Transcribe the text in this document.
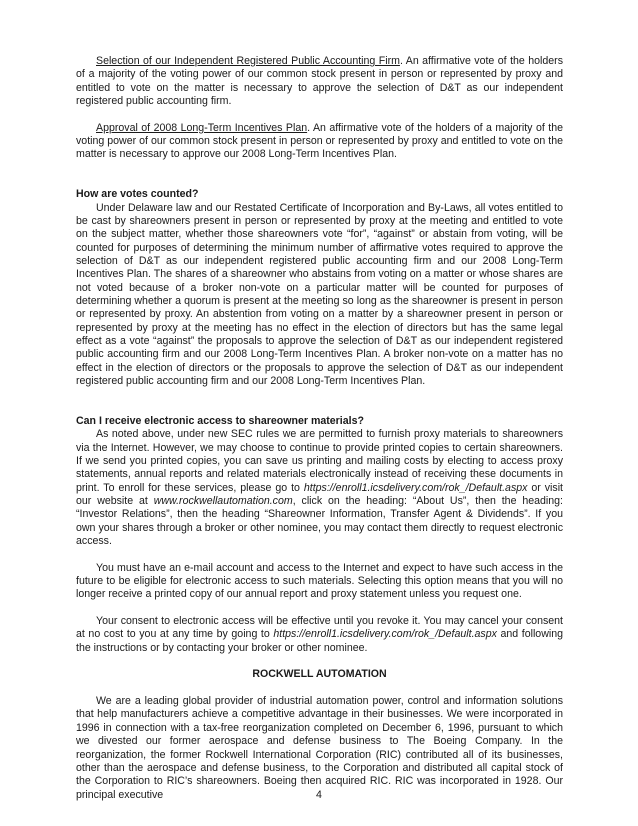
Selection of our Independent Registered Public Accounting Firm. An affirmative vote of the holders of a majority of the voting power of our common stock present in person or represented by proxy and entitled to vote on the matter is necessary to approve the selection of D&T as our independent registered public accounting firm.

Approval of 2008 Long-Term Incentives Plan. An affirmative vote of the holders of a majority of the voting power of our common stock present in person or represented by proxy and entitled to vote on the matter is necessary to approve our 2008 Long-Term Incentives Plan.

How are votes counted?

Under Delaware law and our Restated Certificate of Incorporation and By-Laws, all votes entitled to be cast by shareowners present in person or represented by proxy at the meeting and entitled to vote on the subject matter, whether those shareowners vote “for”, “against” or abstain from voting, will be counted for purposes of determining the minimum number of affirmative votes required to approve the selection of D&T as our independent registered public accounting firm and our 2008 Long-Term Incentives Plan. The shares of a shareowner who abstains from voting on a matter or whose shares are not voted because of a broker non-vote on a particular matter will be counted for purposes of determining whether a quorum is present at the meeting so long as the shareowner is present in person or represented by proxy. An abstention from voting on a matter by a shareowner present in person or represented by proxy at the meeting has no effect in the election of directors but has the same legal effect as a vote “against” the proposals to approve the selection of D&T as our independent registered public accounting firm and our 2008 Long-Term Incentives Plan. A broker non-vote on a matter has no effect in the election of directors or the proposals to approve the selection of D&T as our independent registered public accounting firm and our 2008 Long-Term Incentives Plan.

Can I receive electronic access to shareowner materials?

As noted above, under new SEC rules we are permitted to furnish proxy materials to shareowners via the Internet. However, we may choose to continue to provide printed copies to certain shareowners. If we send you printed copies, you can save us printing and mailing costs by electing to access proxy statements, annual reports and related materials electronically instead of receiving these documents in print. To enroll for these services, please go to https://enroll1.icsdelivery.com/rok_/Default.aspx or visit our website at www.rockwellautomation.com, click on the heading: “About Us”, then the heading: “Investor Relations”, then the heading “Shareowner Information, Transfer Agent & Dividends”. If you own your shares through a broker or other nominee, you may contact them directly to request electronic access.

You must have an e-mail account and access to the Internet and expect to have such access in the future to be eligible for electronic access to such materials. Selecting this option means that you will no longer receive a printed copy of our annual report and proxy statement unless you request one.

Your consent to electronic access will be effective until you revoke it. You may cancel your consent at no cost to you at any time by going to https://enroll1.icsdelivery.com/rok_/Default.aspx and following the instructions or by contacting your broker or other nominee.

ROCKWELL AUTOMATION

We are a leading global provider of industrial automation power, control and information solutions that help manufacturers achieve a competitive advantage in their businesses. We were incorporated in 1996 in connection with a tax-free reorganization completed on December 6, 1996, pursuant to which we divested our former aerospace and defense business to The Boeing Company. In the reorganization, the former Rockwell International Corporation (RIC) contributed all of its businesses, other than the aerospace and defense business, to the Corporation and distributed all capital stock of the Corporation to RIC’s shareowners. Boeing then acquired RIC. RIC was incorporated in 1928. Our principal executive	4
